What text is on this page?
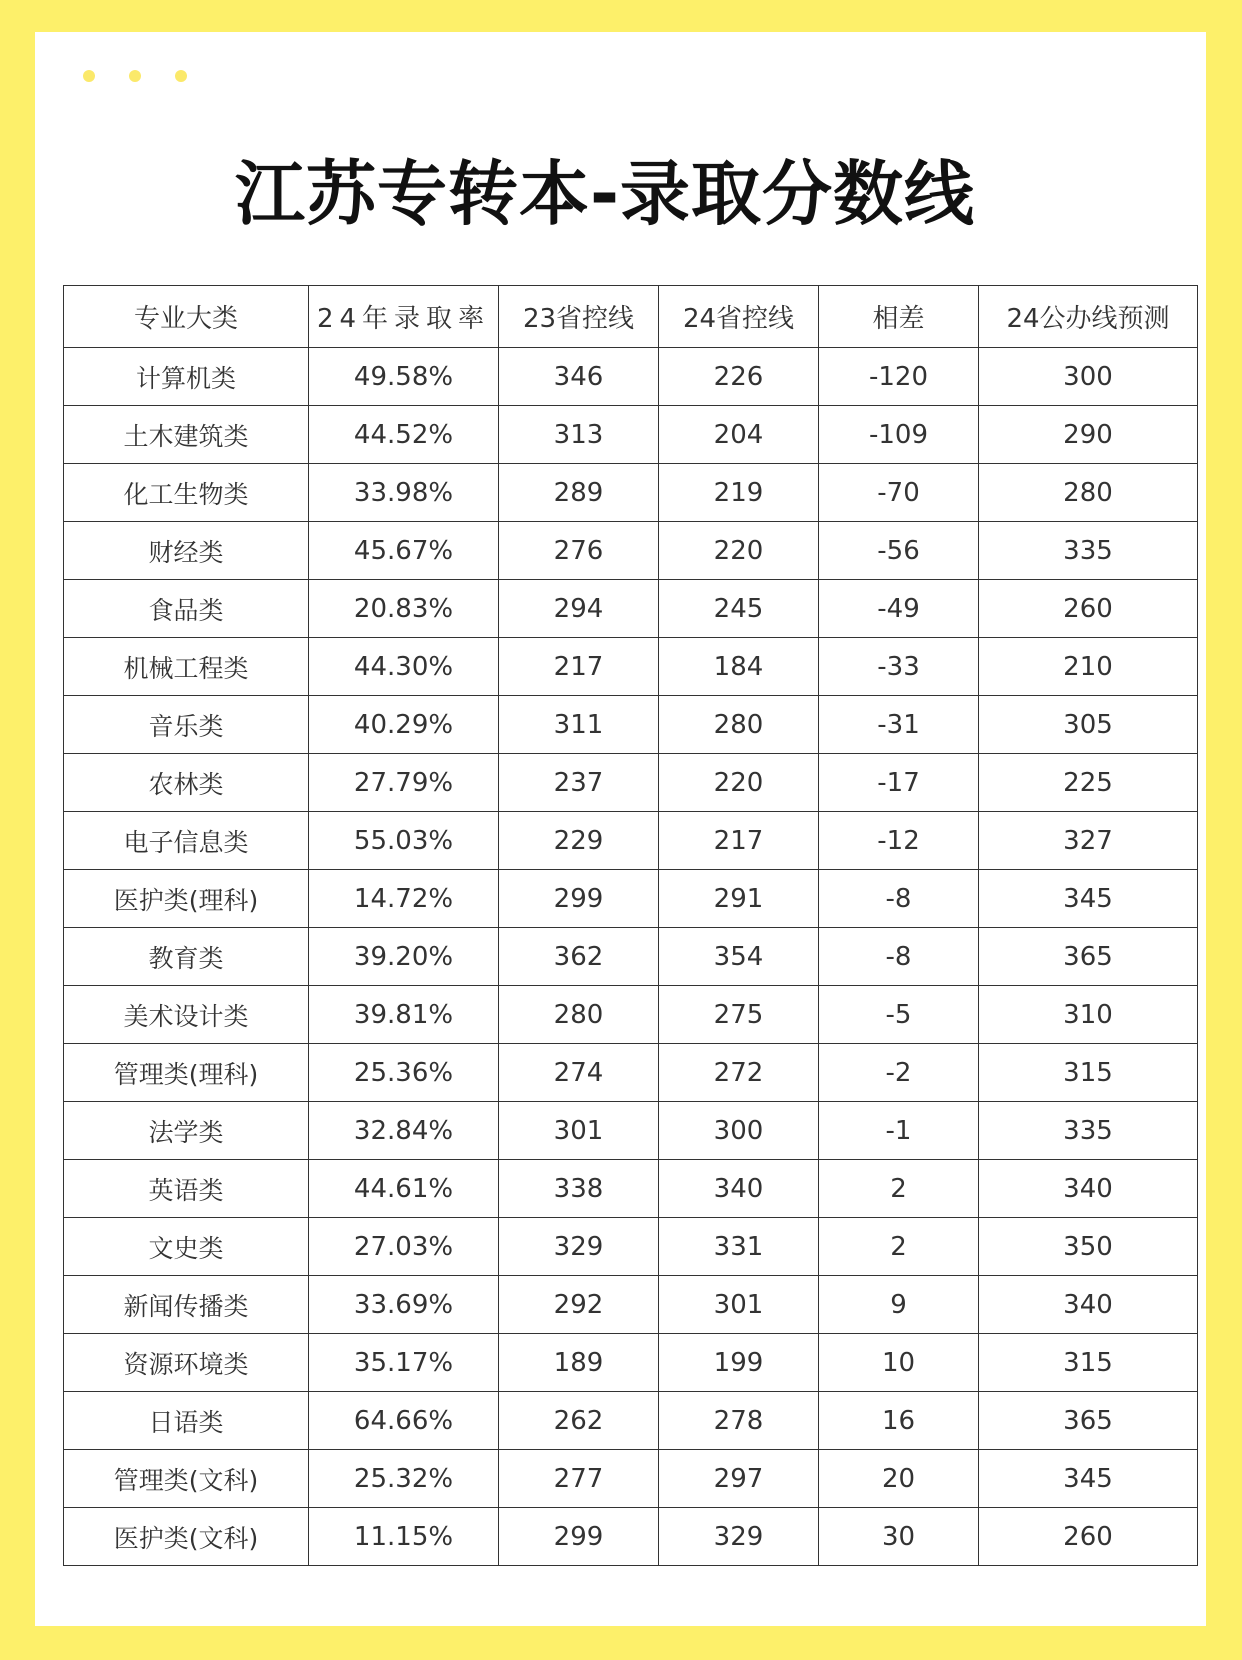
江苏专转本-录取分数线
专业大类	24年录取率	23省控线	24省控线	相差	24公办线预测
计算机类	49.58%	346	226	-120	300
土木建筑类	44.52%	313	204	-109	290
化工生物类	33.98%	289	219	-70	280
财经类	45.67%	276	220	-56	335
食品类	20.83%	294	245	-49	260
机械工程类	44.30%	217	184	-33	210
音乐类	40.29%	311	280	-31	305
农林类	27.79%	237	220	-17	225
电子信息类	55.03%	229	217	-12	327
医护类(理科)	14.72%	299	291	-8	345
教育类	39.20%	362	354	-8	365
美术设计类	39.81%	280	275	-5	310
管理类(理科)	25.36%	274	272	-2	315
法学类	32.84%	301	300	-1	335
英语类	44.61%	338	340	2	340
文史类	27.03%	329	331	2	350
新闻传播类	33.69%	292	301	9	340
资源环境类	35.17%	189	199	10	315
日语类	64.66%	262	278	16	365
管理类(文科)	25.32%	277	297	20	345
医护类(文科)	11.15%	299	329	30	260
